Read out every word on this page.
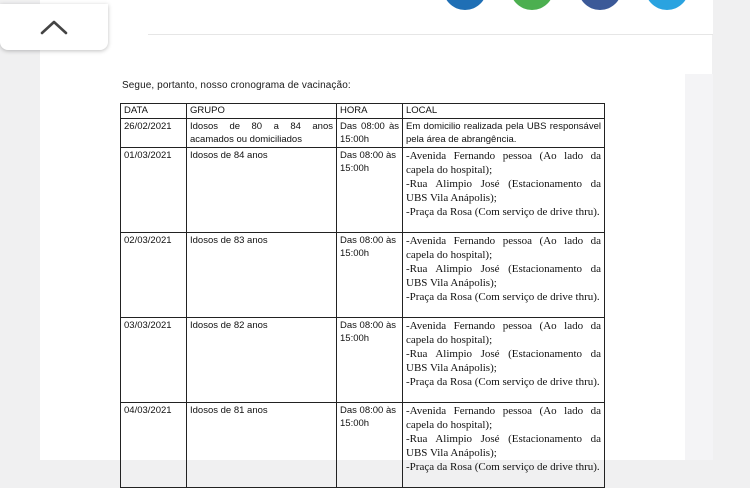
Segue, portanto, nosso cronograma de vacinação:

DATA	GRUPO	HORA	LOCAL
26/02/2021	Idosos de 80 a 84 anos acamados ou domiciliados	Das 08:00 às 15:00h	Em domicilio realizada pela UBS responsável pela área de abrangência.

01/03/2021	Idosos de 84 anos	Das 08:00 às 15:00h	-Avenida Fernando pessoa (Ao lado da capela do hospital);
-Rua Alimpio José (Estacionamento da UBS Vila Anápolis);
-Praça da Rosa (Com serviço de drive thru).

02/03/2021	Idosos de 83 anos	Das 08:00 às 15:00h	-Avenida Fernando pessoa (Ao lado da capela do hospital);
-Rua Alimpio José (Estacionamento da UBS Vila Anápolis);
-Praça da Rosa (Com serviço de drive thru).

03/03/2021	Idosos de 82 anos	Das 08:00 às 15:00h	-Avenida Fernando pessoa (Ao lado da capela do hospital);
-Rua Alimpio José (Estacionamento da UBS Vila Anápolis);
-Praça da Rosa (Com serviço de drive thru).

04/03/2021	Idosos de 81 anos	Das 08:00 às 15:00h	-Avenida Fernando pessoa (Ao lado da capela do hospital);
-Rua Alimpio José (Estacionamento da UBS Vila Anápolis);
-Praça da Rosa (Com serviço de drive thru).
